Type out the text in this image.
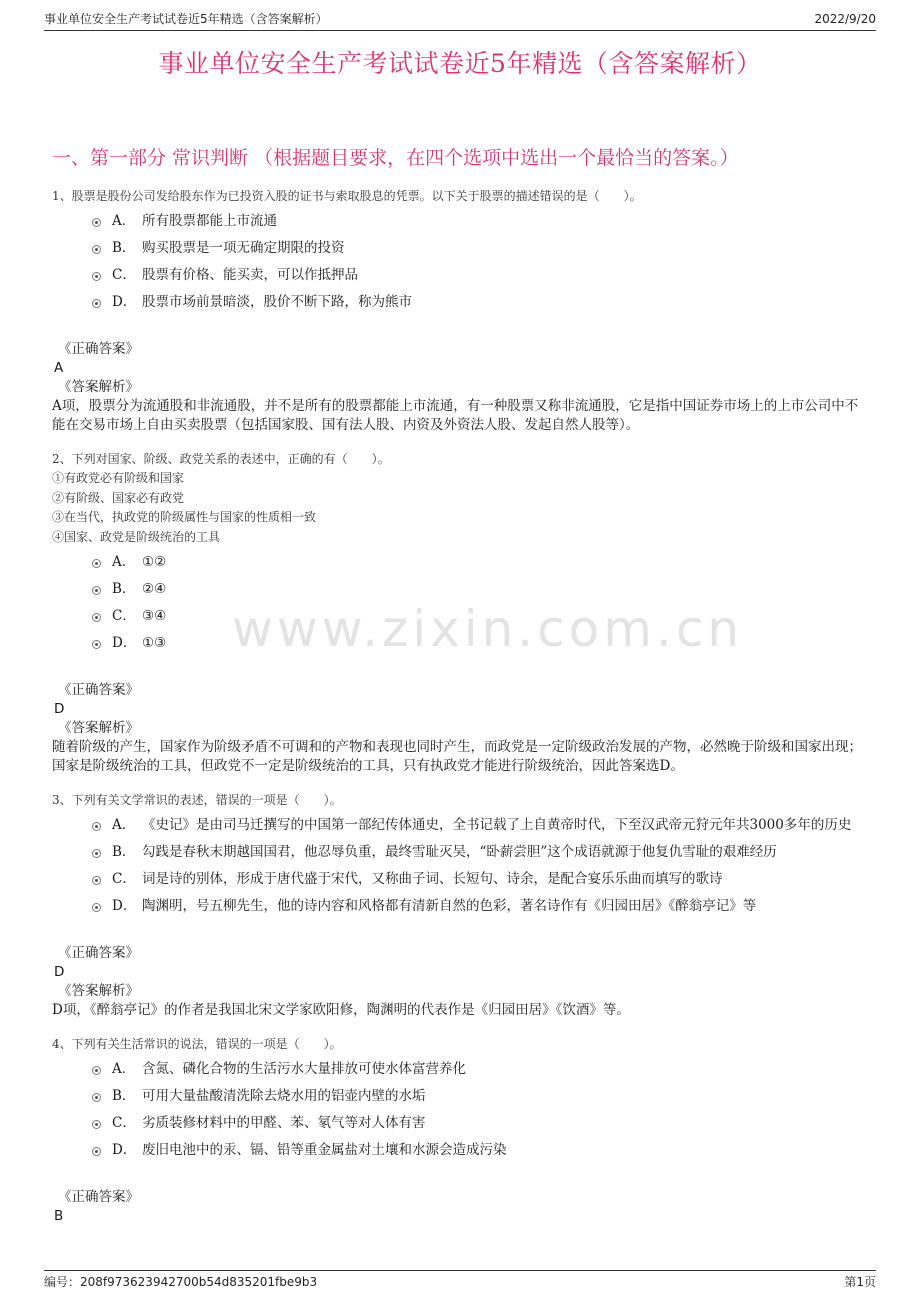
事业单位安全生产考试试卷近5年精选（含答案解析）	2022/9/20
事业单位安全生产考试试卷近5年精选（含答案解析）
一、第一部分 常识判断 （根据题目要求，在四个选项中选出一个最恰当的答案。）
www.zixin.com.cn
1、股票是股份公司发给股东作为已投资入股的证书与索取股息的凭票。以下关于股票的描述错误的是（　　）。
A． 所有股票都能上市流通
B． 购买股票是一项无确定期限的投资
C． 股票有价格、能买卖，可以作抵押品
D． 股票市场前景暗淡，股价不断下路，称为熊市
《正确答案》
A
《答案解析》
A项，股票分为流通股和非流通股，并不是所有的股票都能上市流通，有一种股票又称非流通股，它是指中国证券市场上的上市公司中不能在交易市场上自由买卖股票（包括国家股、国有法人股、内资及外资法人股、发起自然人股等）。
2、下列对国家、阶级、政党关系的表述中，正确的有（　　）。
①有政党必有阶级和国家
②有阶级、国家必有政党
③在当代，执政党的阶级属性与国家的性质相一致
④国家、政党是阶级统治的工具
A． ①②
B． ②④
C． ③④
D． ①③
《正确答案》
D
《答案解析》
随着阶级的产生，国家作为阶级矛盾不可调和的产物和表现也同时产生，而政党是一定阶级政治发展的产物，必然晚于阶级和国家出现；国家是阶级统治的工具，但政党不一定是阶级统治的工具，只有执政党才能进行阶级统治，因此答案选D。
3、下列有关文学常识的表述，错误的一项是（　　）。
A． 《史记》是由司马迁撰写的中国第一部纪传体通史，全书记载了上自黄帝时代，下至汉武帝元狩元年共3000多年的历史
B． 勾践是春秋末期越国国君，他忍辱负重，最终雪耻灭吴，“卧薪尝胆”这个成语就源于他复仇雪耻的艰难经历
C． 词是诗的别体，形成于唐代盛于宋代，又称曲子词、长短句、诗余，是配合宴乐乐曲而填写的歌诗
D． 陶渊明，号五柳先生，他的诗内容和风格都有清新自然的色彩，著名诗作有《归园田居》《醉翁亭记》等
《正确答案》
D
《答案解析》
D项，《醉翁亭记》的作者是我国北宋文学家欧阳修，陶渊明的代表作是《归园田居》《饮酒》等。
4、下列有关生活常识的说法，错误的一项是（　　）。
A． 含氮、磷化合物的生活污水大量排放可使水体富营养化
B． 可用大量盐酸清洗除去烧水用的铝壶内壁的水垢
C． 劣质装修材料中的甲醛、苯、氡气等对人体有害
D． 废旧电池中的汞、镉、铅等重金属盐对土壤和水源会造成污染
《正确答案》
B
编号：208f973623942700b54d835201fbe9b3	第1页
